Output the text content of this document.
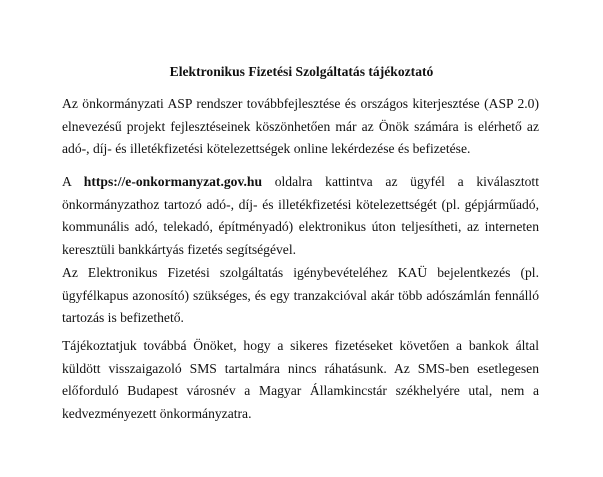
Elektronikus Fizetési Szolgáltatás tájékoztató

Az önkormányzati ASP rendszer továbbfejlesztése és országos kiterjesztése (ASP 2.0) elnevezésű projekt fejlesztéseinek köszönhetően már az Önök számára is elérhető az adó-, díj- és illetékfizetési kötelezettségek online lekérdezése és befizetése.

A https://e-onkormanyzat.gov.hu oldalra kattintva az ügyfél a kiválasztott önkormányzathoz tartozó adó-, díj- és illetékfizetési kötelezettségét (pl. gépjárműadó, kommunális adó, telekadó, építményadó) elektronikus úton teljesítheti, az interneten keresztüli bankkártyás fizetés segítségével.

Az Elektronikus Fizetési szolgáltatás igénybevételéhez KAÜ bejelentkezés (pl. ügyfélkapus azonosító) szükséges, és egy tranzakcióval akár több adószámlán fennálló tartozás is befizethető.

Tájékoztatjuk továbbá Önöket, hogy a sikeres fizetéseket követően a bankok által küldött visszaigazoló SMS tartalmára nincs ráhatásunk. Az SMS-ben esetlegesen előforduló Budapest városnév a Magyar Államkincstár székhelyére utal, nem a kedvezményezett önkormányzatra.
